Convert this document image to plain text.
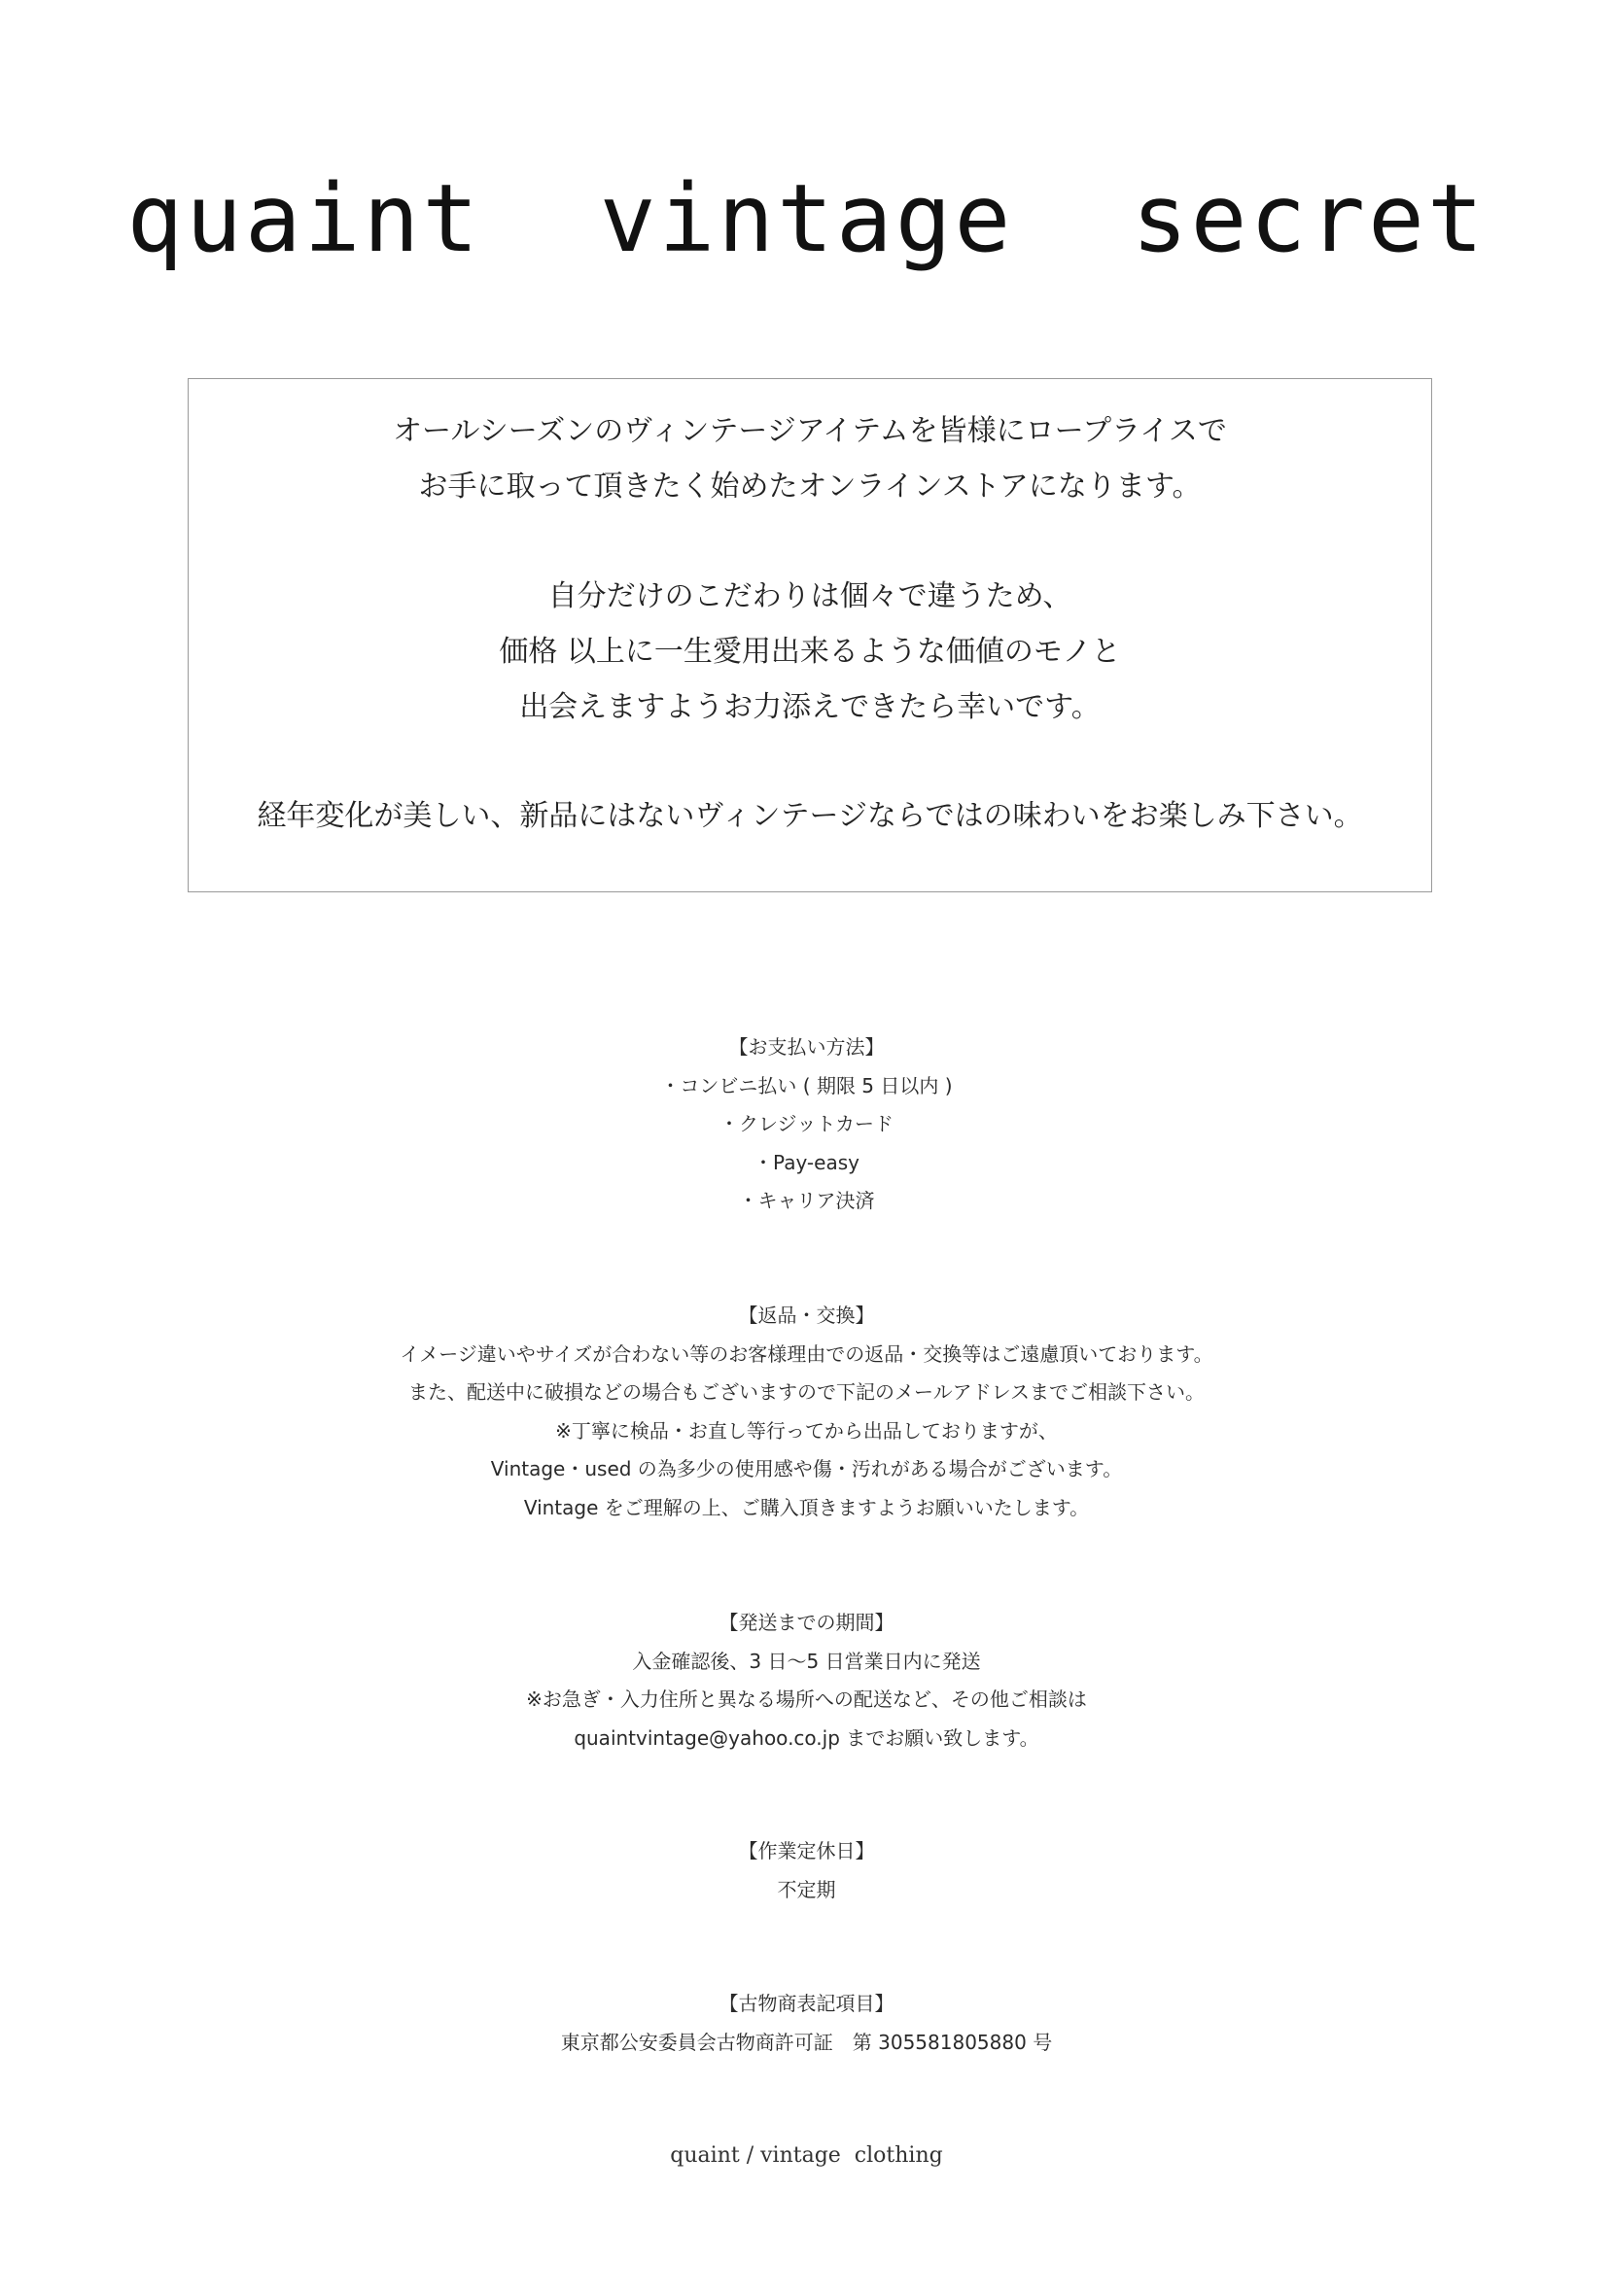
quaint  vintage  secret
オールシーズンのヴィンテージアイテムを皆様にロープライスで
お手に取って頂きたく始めたオンラインストアになります。
自分だけのこだわりは個々で違うため、
価格 以上に一生愛用出来るような価値のモノと
出会えますようお力添えできたら幸いです。
経年変化が美しい、新品にはないヴィンテージならではの味わいをお楽しみ下さい。
【お支払い方法】
・コンビニ払い ( 期限 5 日以内 )
・クレジットカード
・Pay-easy
・キャリア決済
【返品・交換】
イメージ違いやサイズが合わない等のお客様理由での返品・交換等はご遠慮頂いております。
また、配送中に破損などの場合もございますので下記のメールアドレスまでご相談下さい。
※丁寧に検品・お直し等行ってから出品しておりますが、
Vintage・used の為多少の使用感や傷・汚れがある場合がございます。
Vintage をご理解の上、ご購入頂きますようお願いいたします。
【発送までの期間】
入金確認後、3 日〜5 日営業日内に発送
※お急ぎ・入力住所と異なる場所への配送など、その他ご相談は
quaintvintage@yahoo.co.jp までお願い致します。
【作業定休日】
不定期
【古物商表記項目】
東京都公安委員会古物商許可証　第 305581805880 号
quaint / vintage  clothing
